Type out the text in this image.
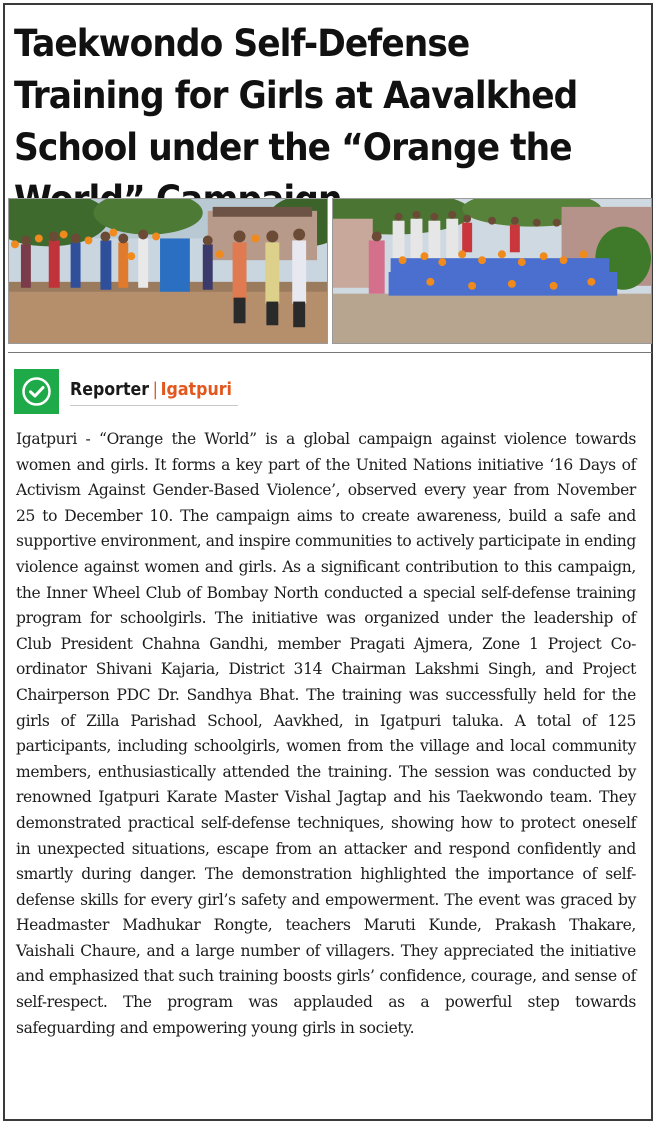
Taekwondo Self-Defense Training for Girls at Aavalkhed School under the “Orange the
Reporter | Igatpuri

Igatpuri - “Orange the World” is a global campaign against violence towards women and girls. It forms a key part of the United Nations initiative ‘16 Days of Activism Against Gender-Based Violence’, observed every year from November 25 to December 10. The campaign aims to create awareness, build a safe and supportive environment, and inspire communities to actively participate in ending violence against women and girls. As a significant contribution to this campaign, the Inner Wheel Club of Bombay North conducted a special self-defense training program for schoolgirls. The initiative was organized under the leadership of Club President Chahna Gandhi, member Pragati Ajmera, Zone 1 Project Co-ordinator Shivani Kajaria, District 314 Chairman Lakshmi Singh, and Project Chairperson PDC Dr. Sandhya Bhat. The training was successfully held for the girls of Zilla Parishad School, Aavkhed, in Igatpuri taluka. A total of 125 participants, including schoolgirls, women from the village and local community members, enthusiastically attended the training. The session was conducted by renowned Igatpuri Karate Master Vishal Jagtap and his Taekwondo team. They demonstrated practical self-defense techniques, showing how to protect oneself in unexpected situations, escape from an attacker and respond confidently and smartly during danger. The demonstration highlighted the importance of self-defense skills for every girl’s safety and empowerment. The event was graced by Headmaster Madhukar Rongte, teachers Maruti Kunde, Prakash Thakare, Vaishali Chaure, and a large number of villagers. They appreciated the initiative and emphasized that such training boosts girls’ confidence, courage, and sense of self-respect. The program was applauded as a powerful step towards safeguarding and empowering young girls in society.
